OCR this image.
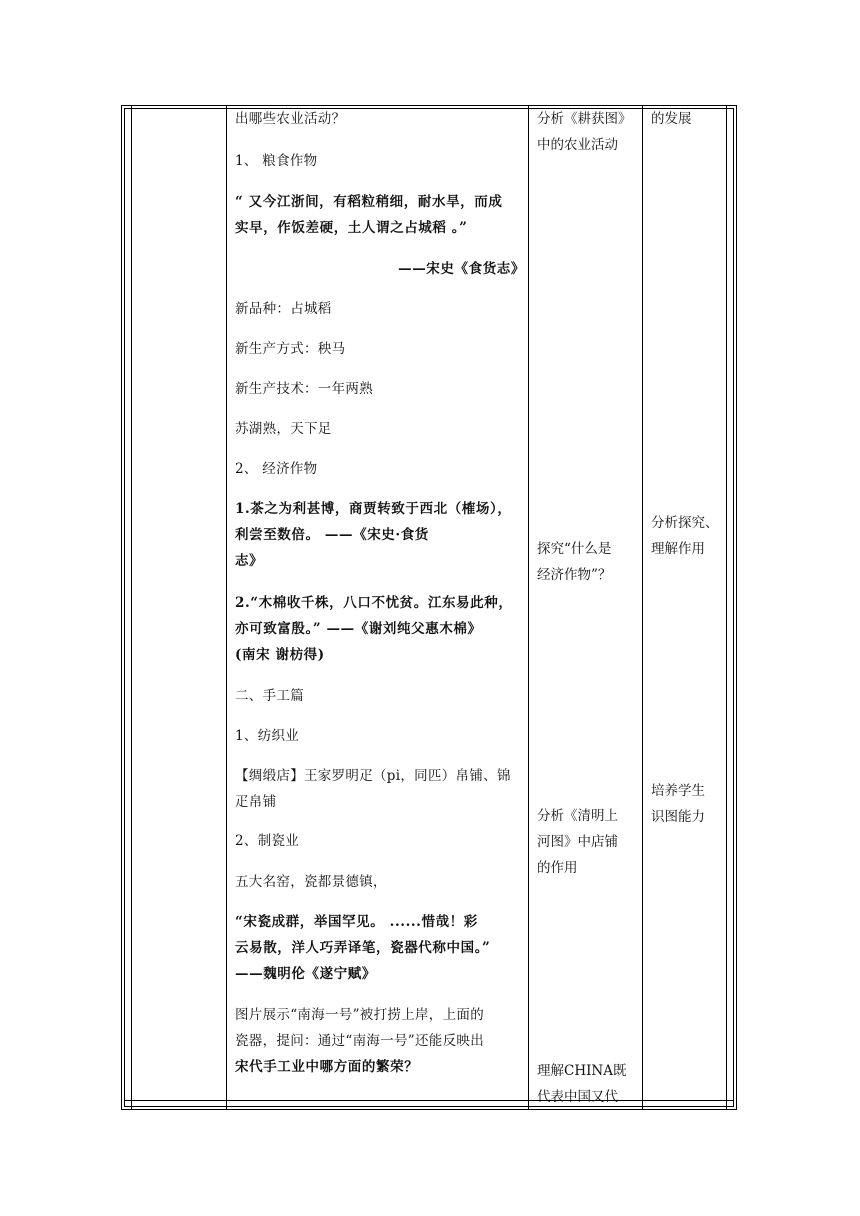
出哪些农业活动？

1、 粮食作物

“ 又今江浙间，有稻粒稍细，耐水旱，而成

实早，作饭差硬，土人谓之占城稻 。”

——宋史《食货志》

新品种：占城稻

新生产方式：秧马

新生产技术：一年两熟

苏湖熟，天下足

2、 经济作物

1.茶之为利甚博，商贾转致于西北（榷场），

利尝至数倍。 ——《宋史·食货

志》

2.“木棉收千株，八口不忧贫。江东易此种，

亦可致富殷。” ——《谢刘纯父惠木棉》

(南宋 谢枋得)

二、手工篇

1、纺织业

【绸缎店】王家罗明疋（pi，同匹）帛铺、锦

疋帛铺

2、制瓷业

五大名窑，瓷都景德镇，

“宋瓷成群，举国罕见。 ......惜哉！彩

云易散，洋人巧弄译笔，瓷器代称中国。”

——魏明伦《遂宁赋》

图片展示“南海一号”被打捞上岸，上面的

瓷器，提问：通过“南海一号”还能反映出

宋代手工业中哪方面的繁荣？

分析《耕获图》

中的农业活动

探究“什么是

经济作物”？

分析《清明上

河图》中店铺

的作用

理解CHINA既

代表中国又代

的发展

分析探究、

理解作用

培养学生

识图能力
